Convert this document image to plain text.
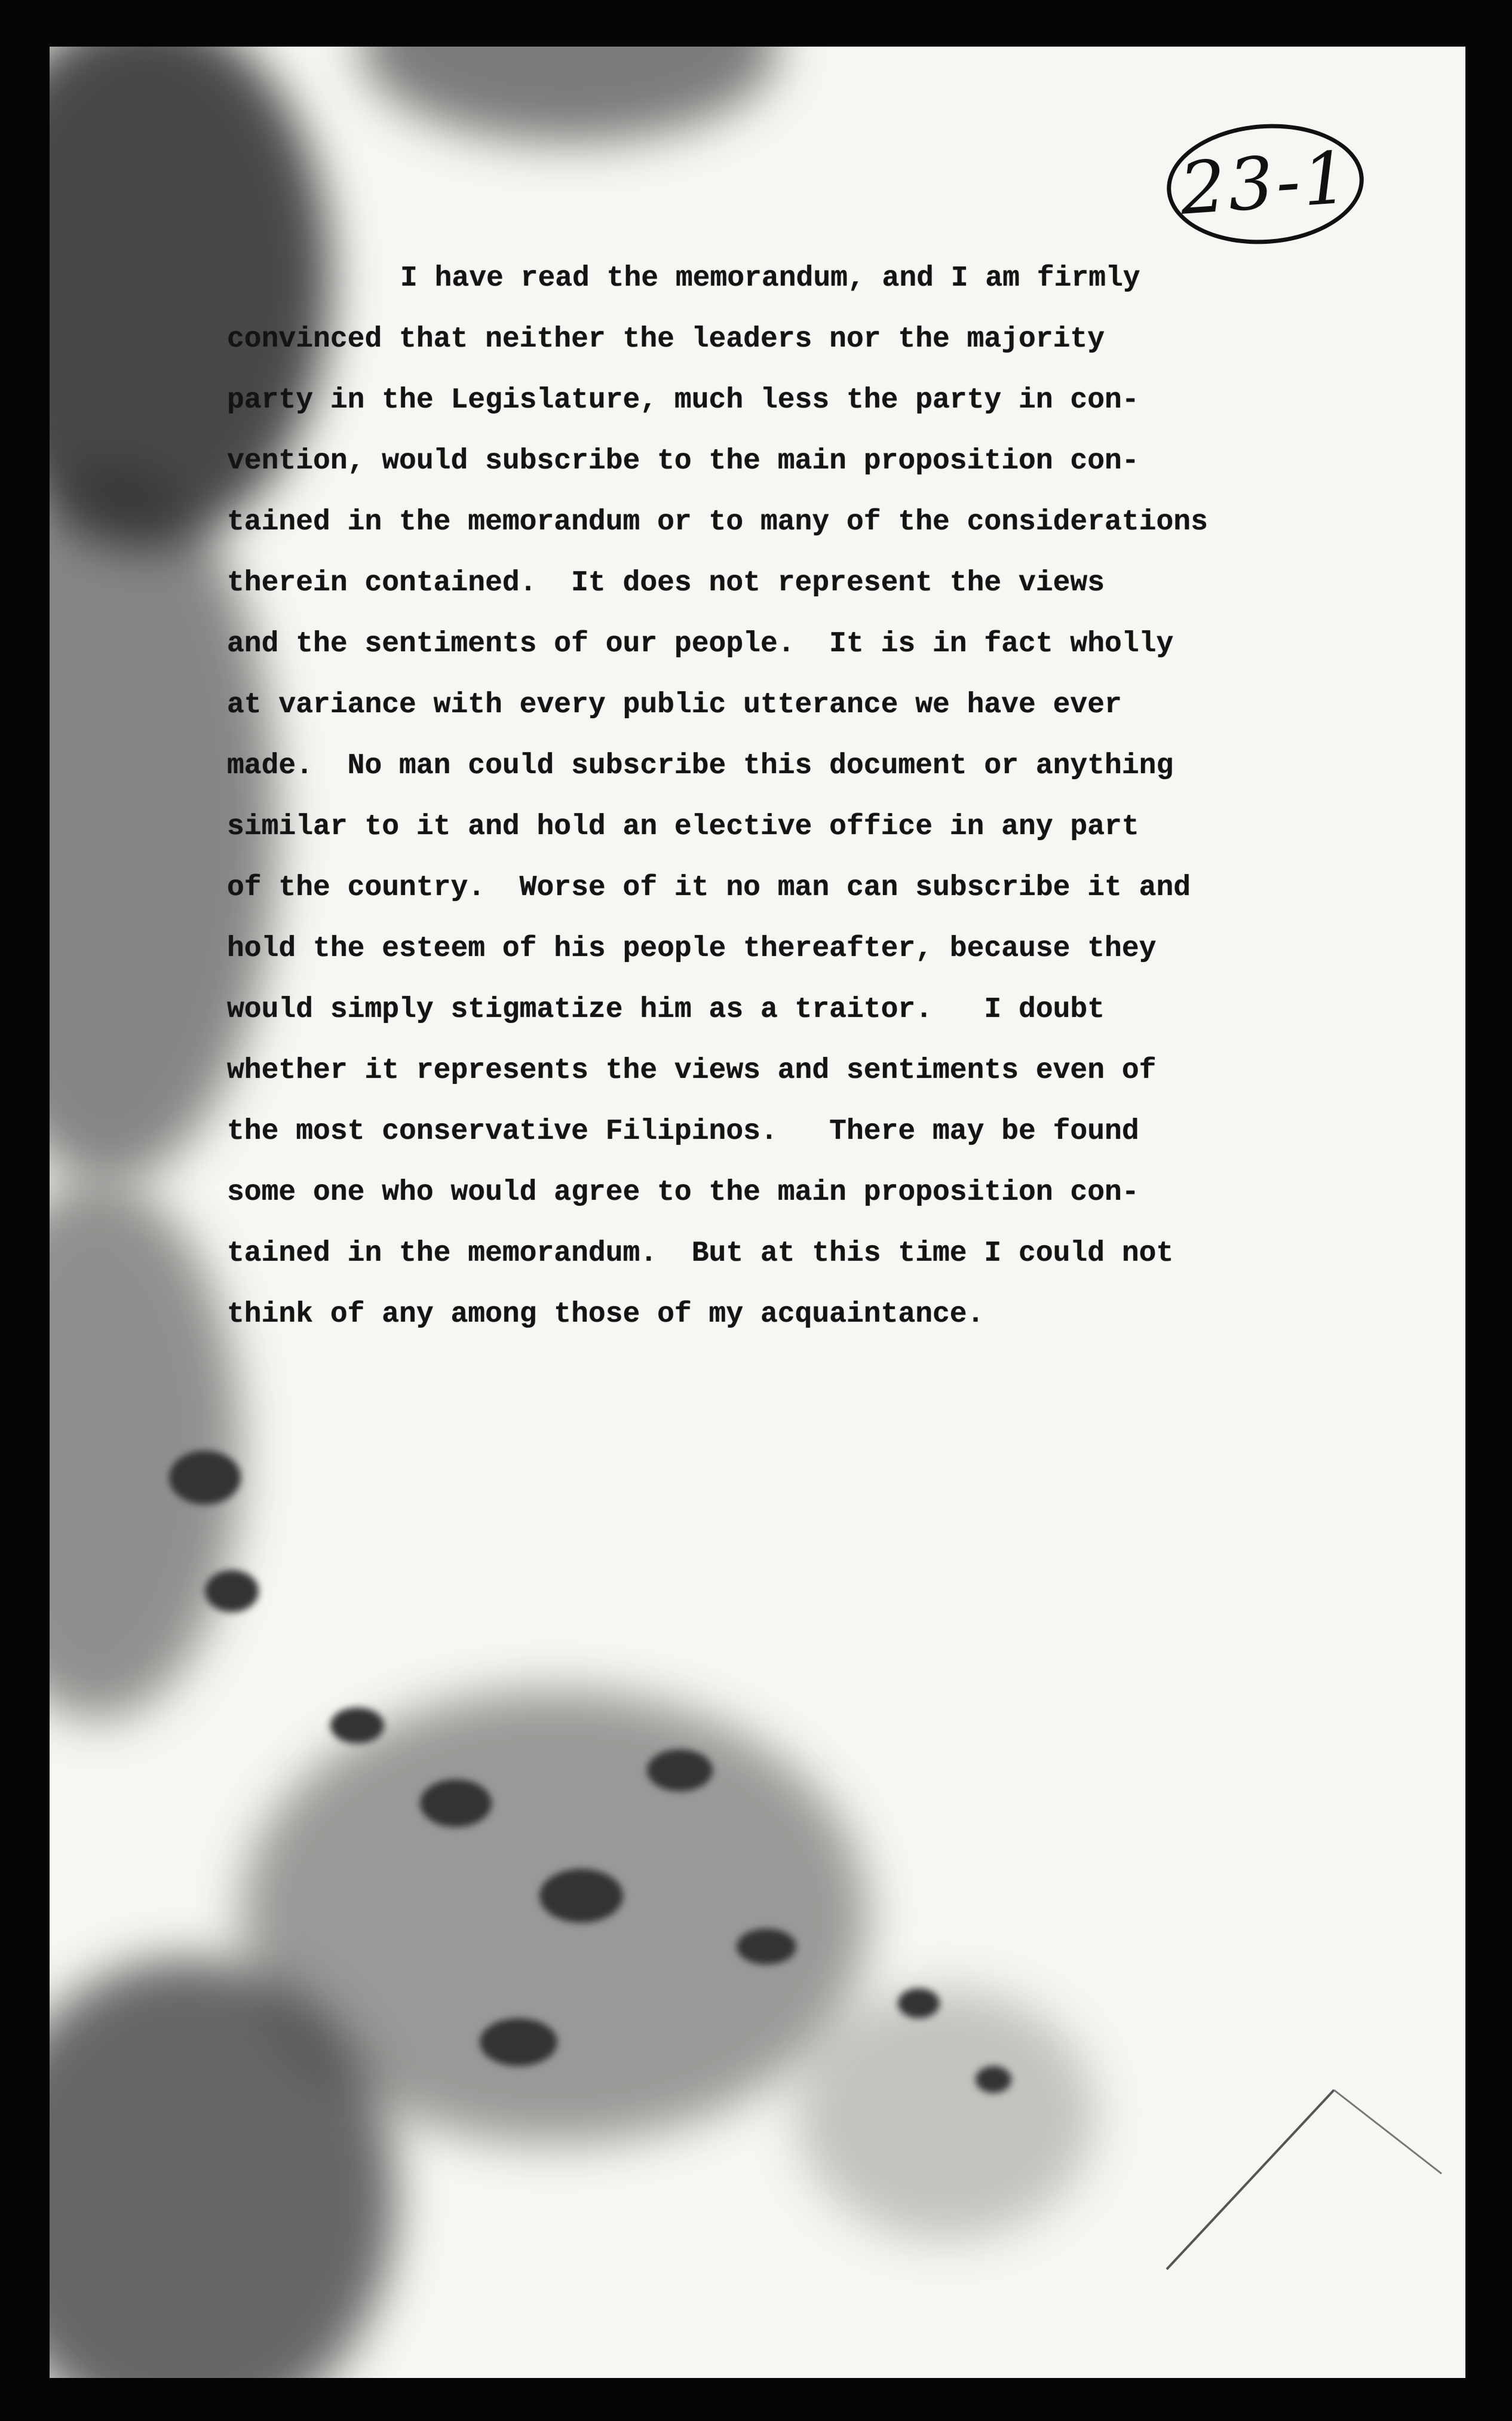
23-1
I have read the memorandum, and I am firmly
convinced that neither the leaders nor the majority
party in the Legislature, much less the party in con-
vention, would subscribe to the main proposition con-
tained in the memorandum or to many of the considerations
therein contained.  It does not represent the views
and the sentiments of our people.  It is in fact wholly
at variance with every public utterance we have ever
made.  No man could subscribe this document or anything
similar to it and hold an elective office in any part
of the country.  Worse of it no man can subscribe it and
hold the esteem of his people thereafter, because they
would simply stigmatize him as a traitor.   I doubt
whether it represents the views and sentiments even of
the most conservative Filipinos.   There may be found
some one who would agree to the main proposition con-
tained in the memorandum.  But at this time I could not
think of any among those of my acquaintance.
